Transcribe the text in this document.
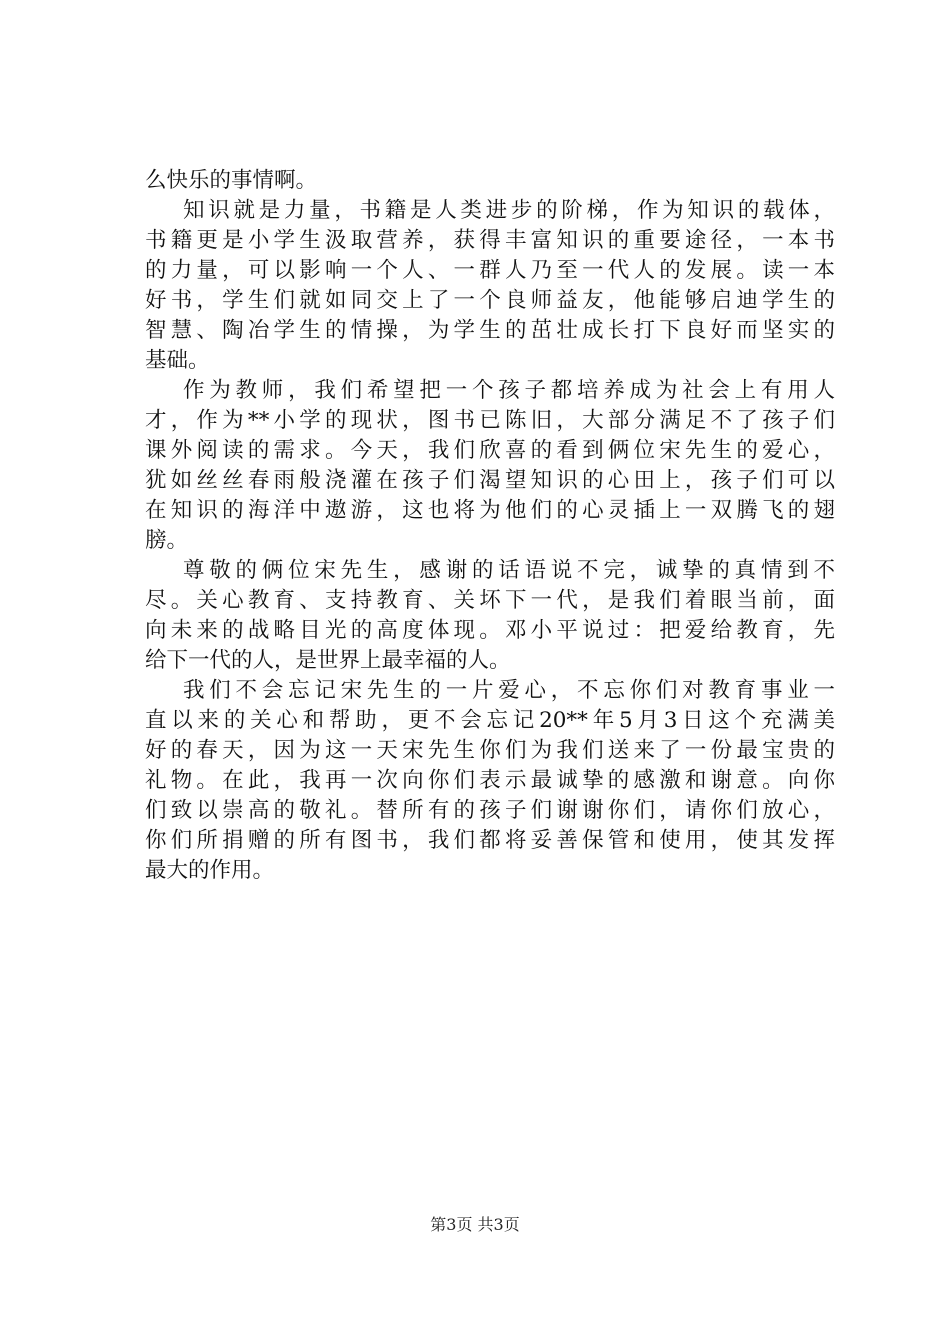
么快乐的事情啊。
知识就是力量，书籍是人类进步的阶梯，作为知识的载体，
书籍更是小学生汲取营养，获得丰富知识的重要途径，一本书
的力量，可以影响一个人、一群人乃至一代人的发展。读一本
好书，学生们就如同交上了一个良师益友，他能够启迪学生的
智慧、陶冶学生的情操，为学生的茁壮成长打下良好而坚实的
基础。
作为教师，我们希望把一个孩子都培养成为社会上有用人
才，作为**小学的现状，图书已陈旧，大部分满足不了孩子们
课外阅读的需求。今天，我们欣喜的看到俩位宋先生的爱心，
犹如丝丝春雨般浇灌在孩子们渴望知识的心田上，孩子们可以
在知识的海洋中遨游，这也将为他们的心灵插上一双腾飞的翅
膀。
尊敬的俩位宋先生，感谢的话语说不完，诚挚的真情到不
尽。关心教育、支持教育、关坏下一代，是我们着眼当前，面
向未来的战略目光的高度体现。邓小平说过：把爱给教育，先
给下一代的人，是世界上最幸福的人。
我们不会忘记宋先生的一片爱心，不忘你们对教育事业一
直以来的关心和帮助，更不会忘记20**年5月3日这个充满美
好的春天，因为这一天宋先生你们为我们送来了一份最宝贵的
礼物。在此，我再一次向你们表示最诚挚的感激和谢意。向你
们致以崇高的敬礼。替所有的孩子们谢谢你们，请你们放心，
你们所捐赠的所有图书，我们都将妥善保管和使用，使其发挥
最大的作用。
第3页 共3页
